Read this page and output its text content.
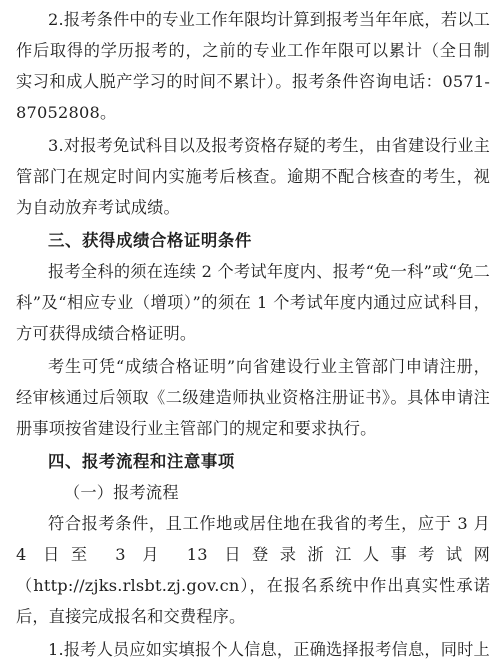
2.报考条件中的专业工作年限均计算到报考当年年底，若以工作后取得的学历报考的，之前的专业工作年限可以累计（全日制实习和成人脱产学习的时间不累计）。报考条件咨询电话：0571-87052808。

3.对报考免试科目以及报考资格存疑的考生，由省建设行业主管部门在规定时间内实施考后核查。逾期不配合核查的考生，视为自动放弃考试成绩。

三、获得成绩合格证明条件

报考全科的须在连续 2 个考试年度内、报考“免一科”或“免二科”及“相应专业（增项）”的须在 1 个考试年度内通过应试科目，方可获得成绩合格证明。

考生可凭“成绩合格证明”向省建设行业主管部门申请注册，经审核通过后领取《二级建造师执业资格注册证书》。具体申请注册事项按省建设行业主管部门的规定和要求执行。

四、报考流程和注意事项

（一）报考流程

符合报考条件，且工作地或居住地在我省的考生，应于 3 月 4 日至 3 月 13 日登录浙江人事考试网（http://zjks.rlsbt.zj.gov.cn），在报名系统中作出真实性承诺后，直接完成报名和交费程序。

1.报考人员应如实填报个人信息，正确选择报考信息，同时上
